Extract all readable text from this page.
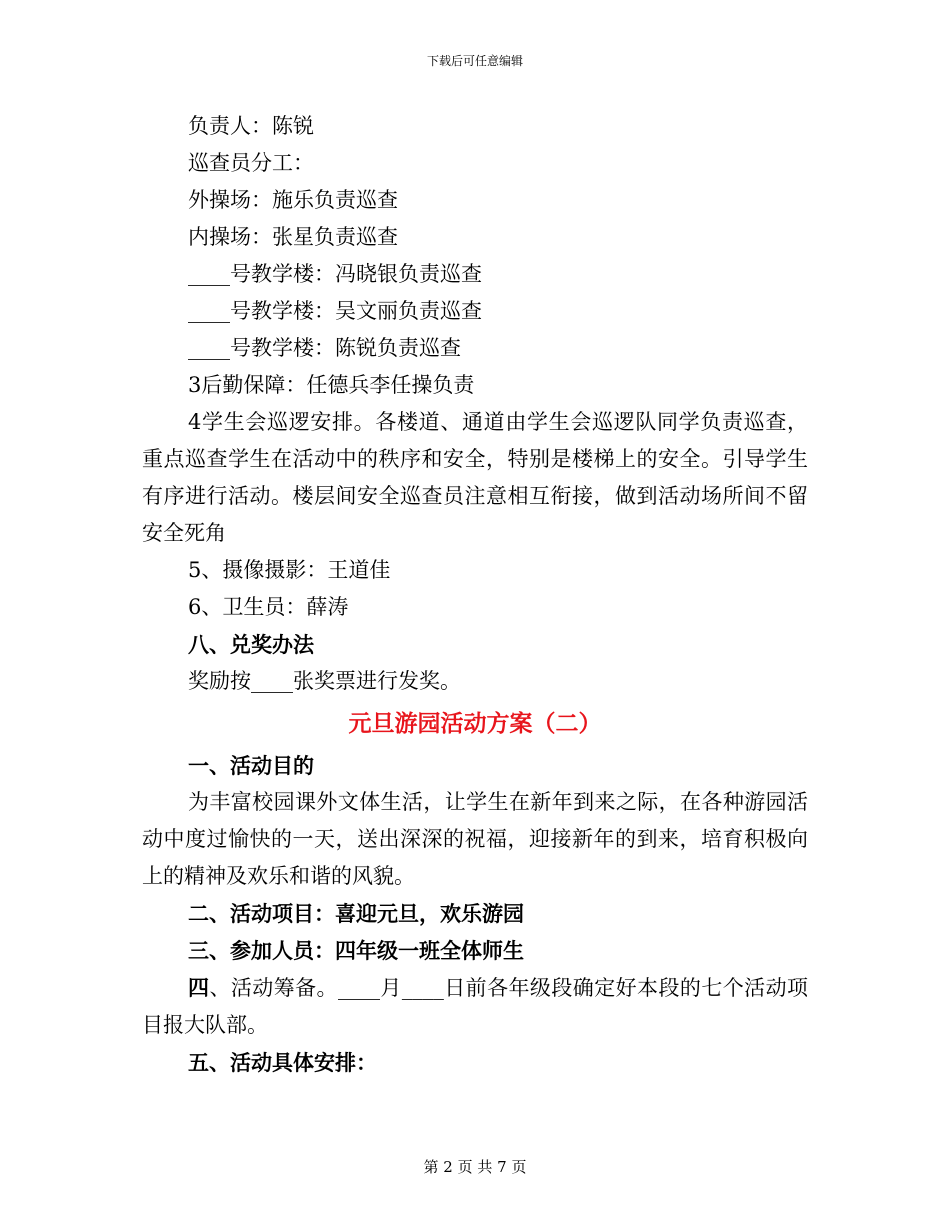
下载后可任意编辑
负责人：陈锐
巡查员分工：
外操场：施乐负责巡查
内操场：张星负责巡查
____号教学楼：冯晓银负责巡查
____号教学楼：吴文丽负责巡查
____号教学楼：陈锐负责巡查
3后勤保障：任德兵李任操负责
4学生会巡逻安排。各楼道、通道由学生会巡逻队同学负责巡查，重点巡查学生在活动中的秩序和安全，特别是楼梯上的安全。引导学生有序进行活动。楼层间安全巡查员注意相互衔接，做到活动场所间不留安全死角
5、摄像摄影：王道佳
6、卫生员：薛涛
八、兑奖办法
奖励按____张奖票进行发奖。
元旦游园活动方案（二）
一、活动目的
为丰富校园课外文体生活，让学生在新年到来之际，在各种游园活动中度过愉快的一天，送出深深的祝福，迎接新年的到来，培育积极向上的精神及欢乐和谐的风貌。
二、活动项目：喜迎元旦，欢乐游园
三、参加人员：四年级一班全体师生
四、活动筹备。____月____日前各年级段确定好本段的七个活动项目报大队部。
五、活动具体安排：
第 2 页 共 7 页
